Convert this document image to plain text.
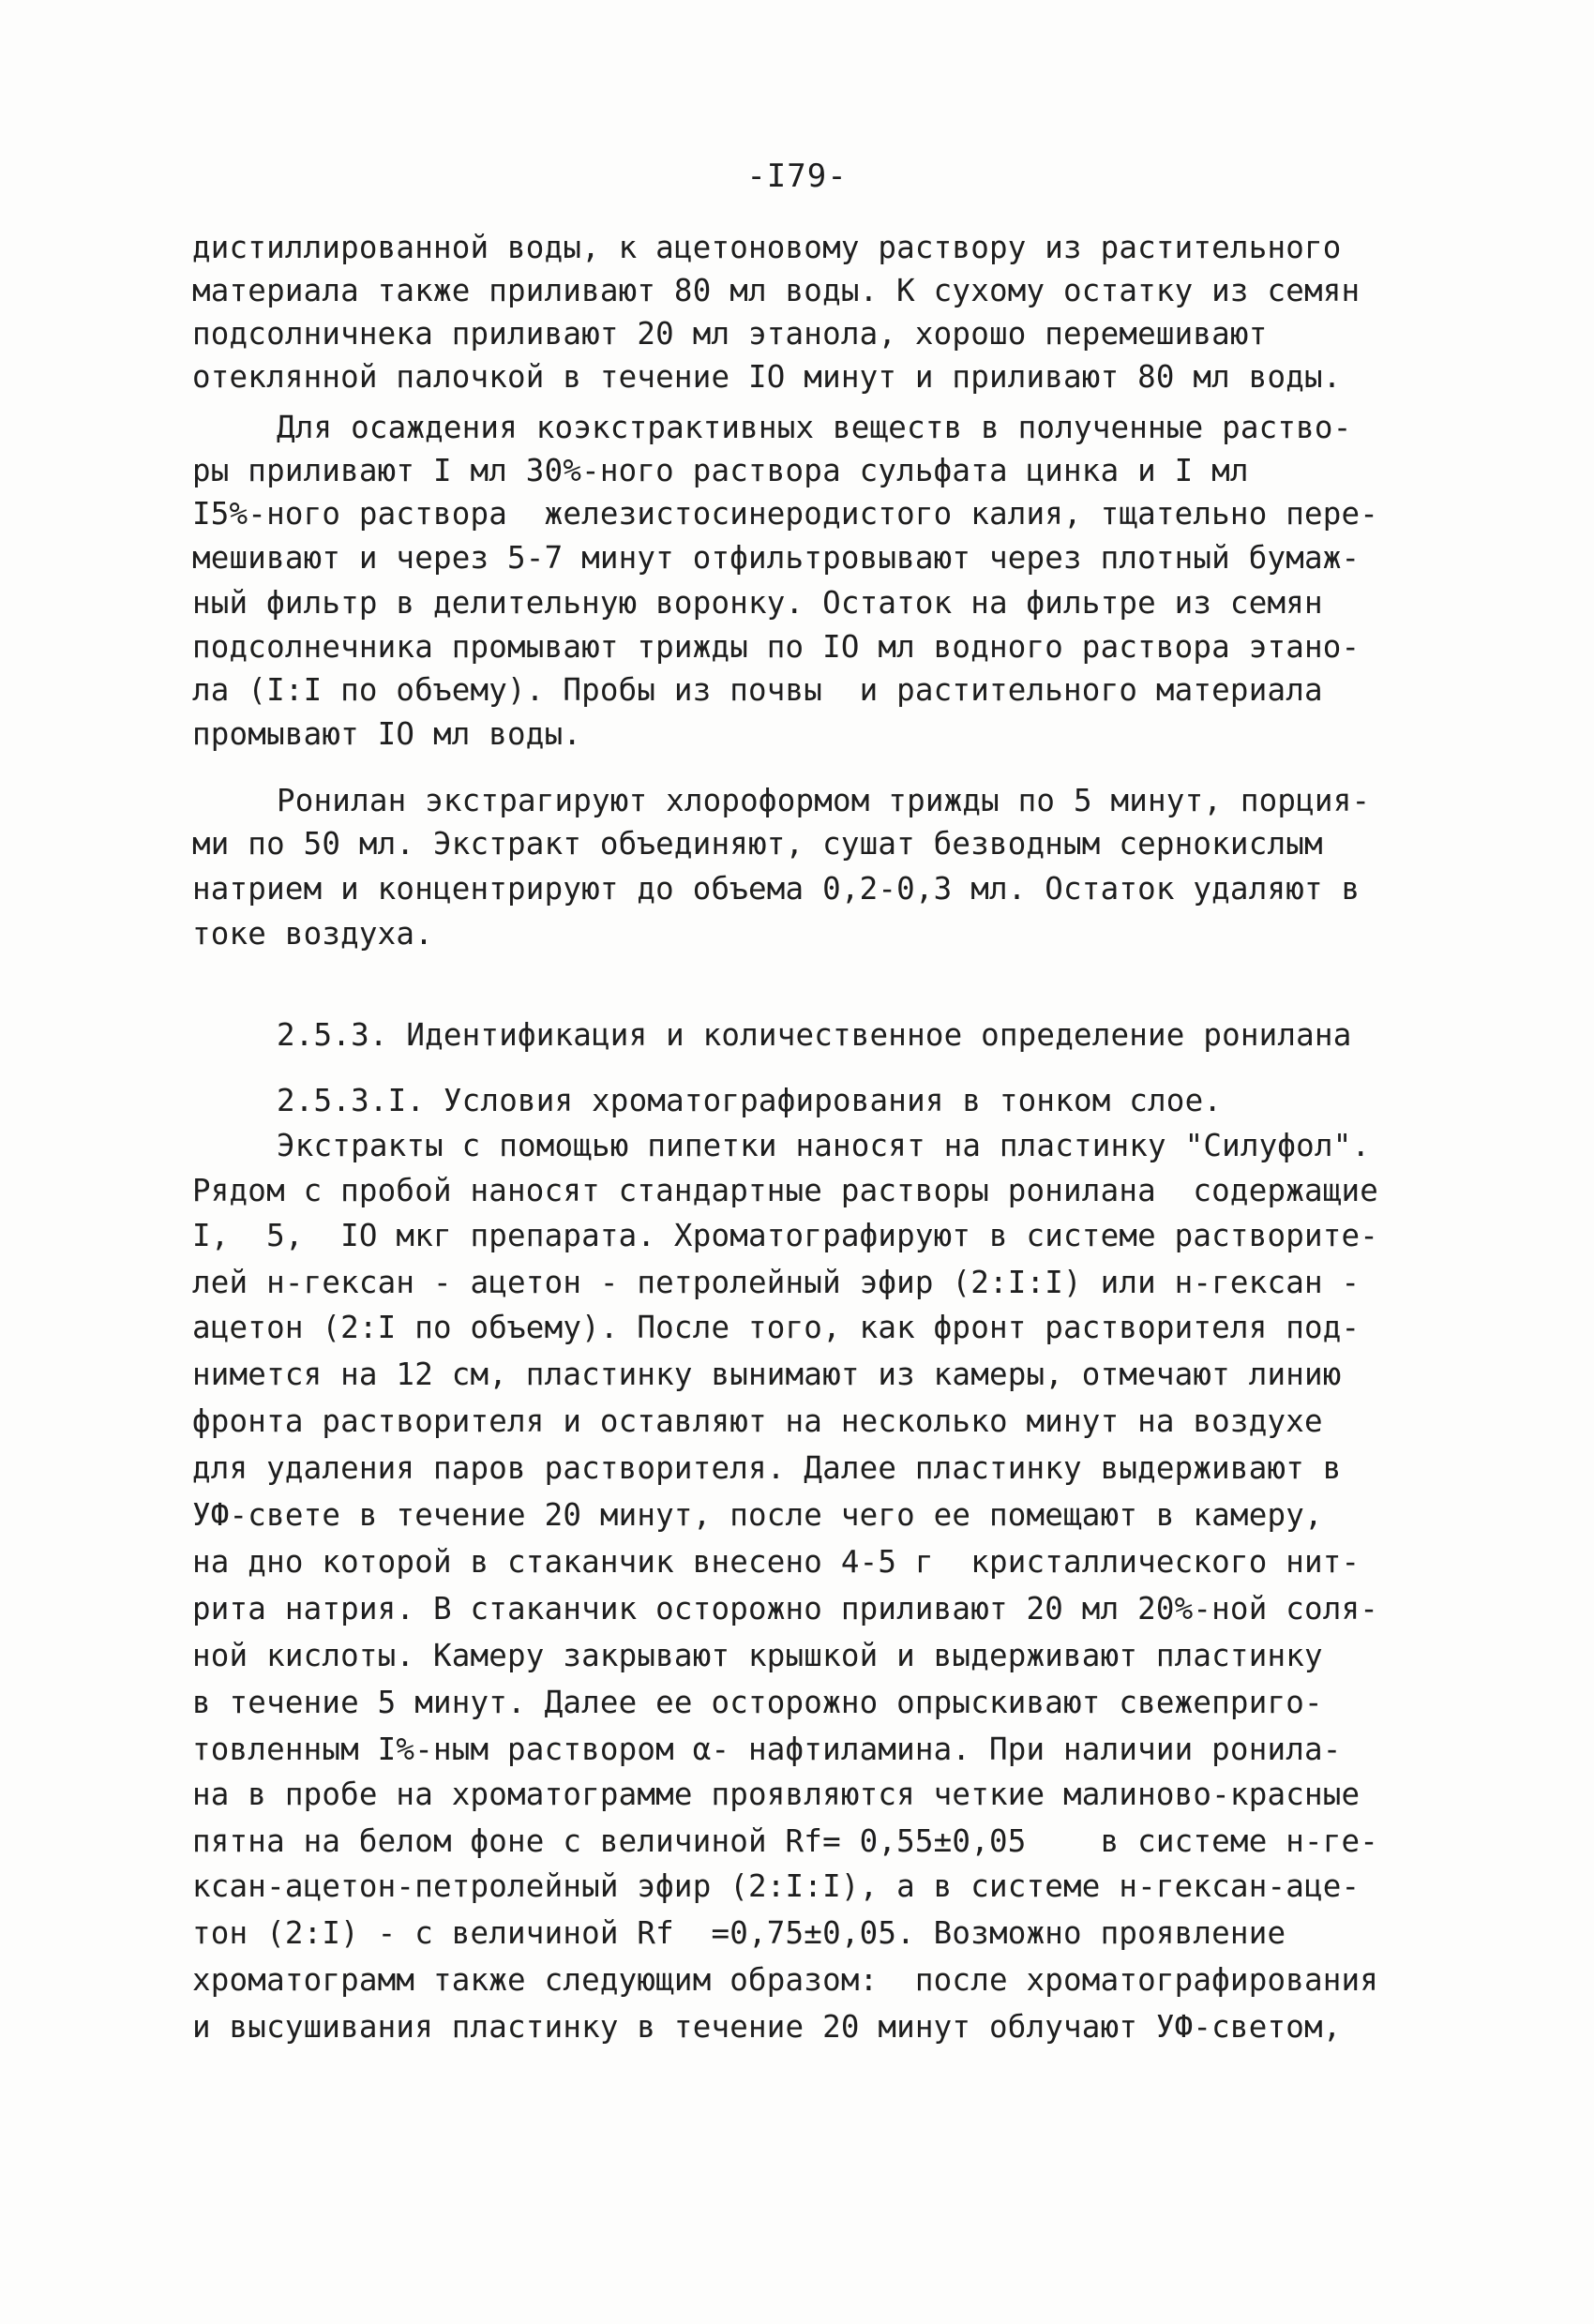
-I79-
дистиллированной воды, к ацетоновому раствору из растительного
материала также приливают 80 мл воды. К сухому остатку из семян
подсолничнека приливают 20 мл этанола, хорошо перемешивают
отеклянной палочкой в течение IO минут и приливают 80 мл воды.
Для осаждения коэкстрактивных веществ в полученные раство-
ры приливают I мл 30%-ного раствора сульфата цинка и I мл
I5%-ного раствора  железистосинеродистого калия, тщательно пере-
мешивают и через 5-7 минут отфильтровывают через плотный бумаж-
ный фильтр в делительную воронку. Остаток на фильтре из семян
подсолнечника промывают трижды по IO мл водного раствора этано-
ла (I:I по объему). Пробы из почвы  и растительного материала
промывают IO мл воды.
Ронилан экстрагируют хлороформом трижды по 5 минут, порция-
ми по 50 мл. Экстракт объединяют, сушат безводным сернокислым
натрием и концентрируют до объема 0,2-0,3 мл. Остаток удаляют в
токе воздуха.
2.5.3. Идентификация и количественное определение ронилана
2.5.3.I. Условия хроматографирования в тонком слое.
Экстракты с помощью пипетки наносят на пластинку "Силуфол".
Рядом с пробой наносят стандартные растворы ронилана  содержащие
I,  5,  IO мкг препарата. Хроматографируют в системе растворите-
лей н-гексан - ацетон - петролейный эфир (2:I:I) или н-гексан -
ацетон (2:I по объему). После того, как фронт растворителя под-
нимется на 12 см, пластинку вынимают из камеры, отмечают линию
фронта растворителя и оставляют на несколько минут на воздухе
для удаления паров растворителя. Далее пластинку выдерживают в
УФ-свете в течение 20 минут, после чего ее помещают в камеру,
на дно которой в стаканчик внесено 4-5 г  кристаллического нит-
рита натрия. В стаканчик осторожно приливают 20 мл 20%-ной соля-
ной кислоты. Камеру закрывают крышкой и выдерживают пластинку
в течение 5 минут. Далее ее осторожно опрыскивают свежеприго-
товленным I%-ным раствором α- нафтиламина. При наличии ронила-
на в пробе на хроматограмме проявляются четкие малиново-красные
пятна на белом фоне с величиной Rf= 0,55±0,05    в системе н-ге-
ксан-ацетон-петролейный эфир (2:I:I), а в системе н-гексан-аце-
тон (2:I) - с величиной Rf  =0,75±0,05. Возможно проявление
хроматограмм также следующим образом:  после хроматографирования
и высушивания пластинку в течение 20 минут облучают УФ-светом,
